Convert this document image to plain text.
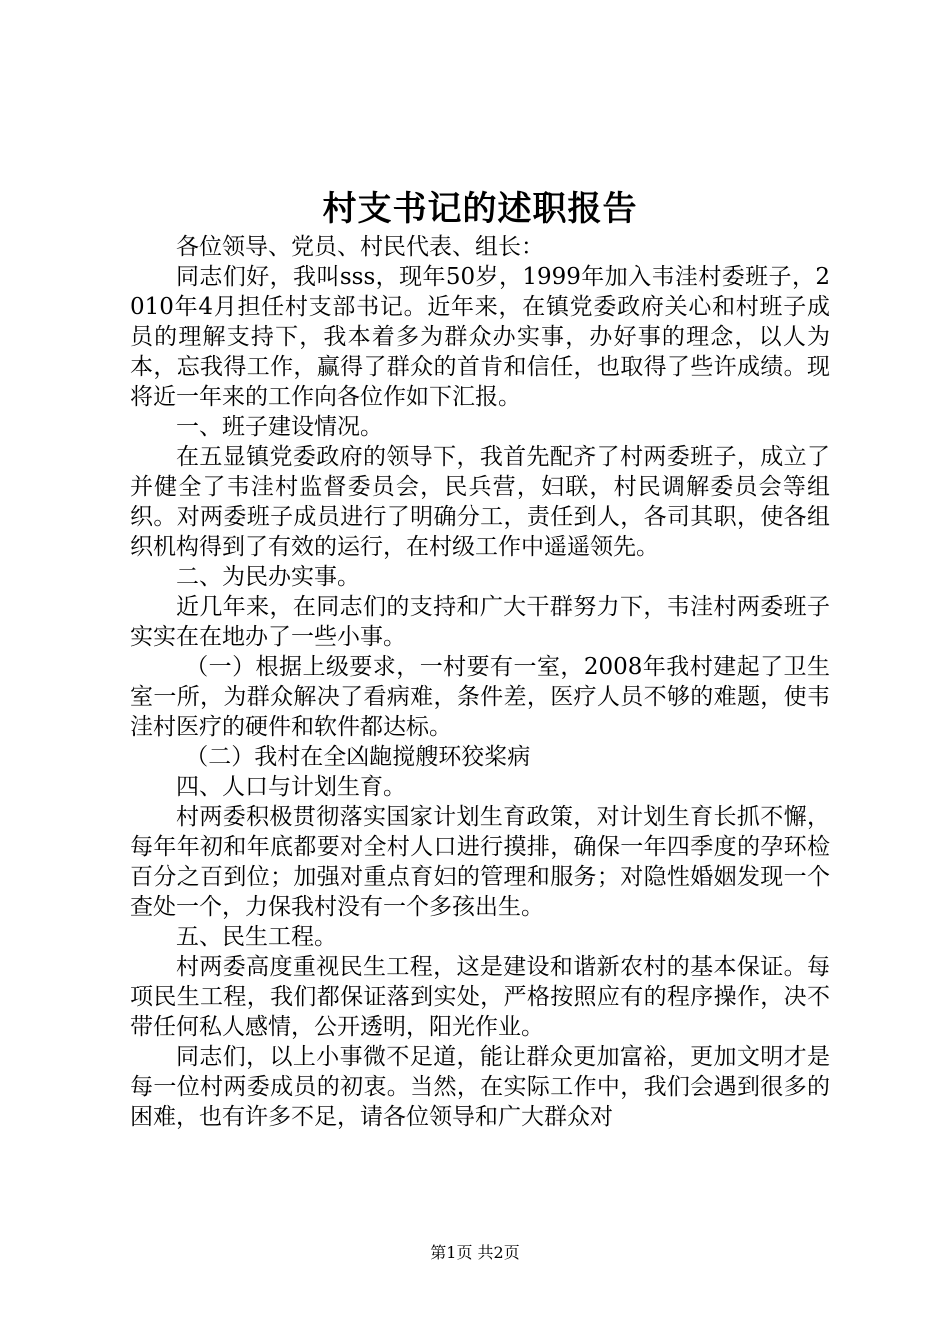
村支书记的述职报告

各位领导、党员、村民代表、组长：

同志们好，我叫sss，现年50岁，1999年加入韦洼村委班子，2010年4月担任村支部书记。近年来，在镇党委政府关心和村班子成员的理解支持下，我本着多为群众办实事，办好事的理念，以人为本，忘我得工作，赢得了群众的首肯和信任，也取得了些许成绩。现将近一年来的工作向各位作如下汇报。

一、班子建设情况。

在五显镇党委政府的领导下，我首先配齐了村两委班子，成立了并健全了韦洼村监督委员会，民兵营，妇联，村民调解委员会等组织。对两委班子成员进行了明确分工，责任到人，各司其职，使各组织机构得到了有效的运行，在村级工作中遥遥领先。

二、为民办实事。

近几年来，在同志们的支持和广大干群努力下，韦洼村两委班子实实在在地办了一些小事。

（一）根据上级要求，一村要有一室，2008年我村建起了卫生室一所，为群众解决了看病难，条件差，医疗人员不够的难题，使韦洼村医疗的硬件和软件都达标。

（二）我村在全凶龅搅艘环狡桨病

四、人口与计划生育。

村两委积极贯彻落实国家计划生育政策，对计划生育长抓不懈，每年年初和年底都要对全村人口进行摸排，确保一年四季度的孕环检百分之百到位；加强对重点育妇的管理和服务；对隐性婚姻发现一个查处一个，力保我村没有一个多孩出生。

五、民生工程。

村两委高度重视民生工程，这是建设和谐新农村的基本保证。每项民生工程，我们都保证落到实处，严格按照应有的程序操作，决不带任何私人感情，公开透明，阳光作业。

同志们，以上小事微不足道，能让群众更加富裕，更加文明才是每一位村两委成员的初衷。当然，在实际工作中，我们会遇到很多的困难，也有许多不足，请各位领导和广大群众对

第1页 共2页
